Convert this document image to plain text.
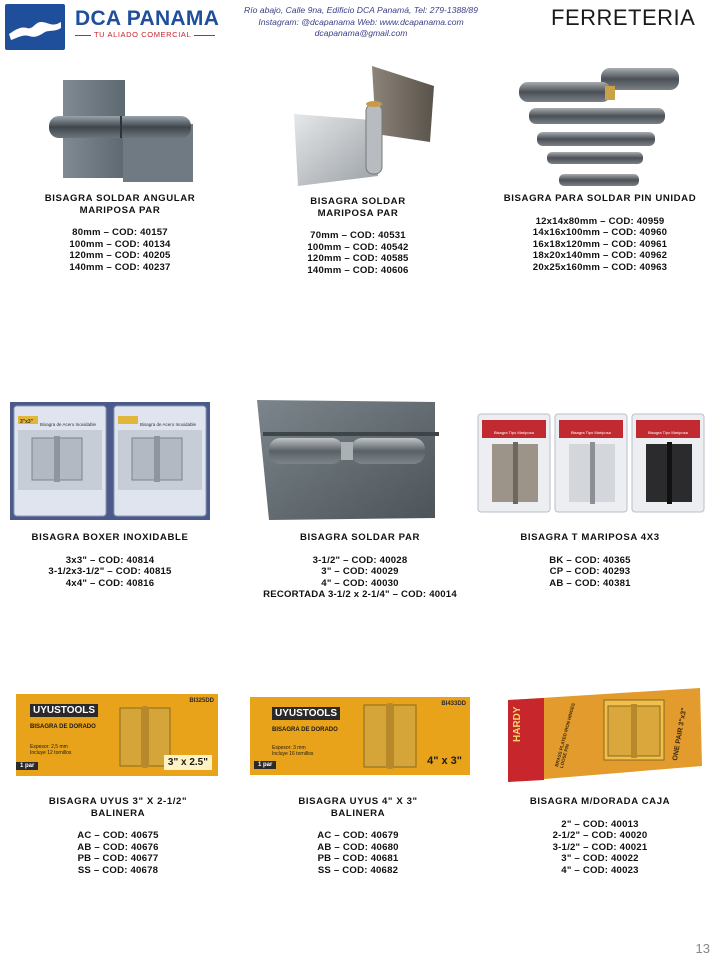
DCA PANAMA
TU ALIADO COMERCIAL
Río abajo, Calle 9na, Edificio DCA Panamá, Tel: 279-1388/89
Instagram: @dcapanama Web: www.dcapanama.com
dcapanama@gmail.com
FERRETERIA
BISAGRA SOLDAR ANGULAR
MARIPOSA PAR
80mm – COD: 40157
100mm – COD: 40134
120mm – COD: 40205
140mm – COD: 40237
BISAGRA SOLDAR
MARIPOSA PAR
70mm – COD: 40531
100mm – COD: 40542
120mm – COD: 40585
140mm – COD: 40606
BISAGRA PARA SOLDAR PIN UNIDAD
12x14x80mm – COD: 40959
14x16x100mm – COD: 40960
16x18x120mm – COD: 40961
18x20x140mm – COD: 40962
20x25x160mm – COD: 40963
Bisagra de Acero Inoxidable	Bisagra de Acero Inoxidable
3"x3"
Bisagra Tipo Mariposa	Bisagra Tipo Mariposa	Bisagra Tipo Mariposa
BISAGRA BOXER INOXIDABLE
3x3" – COD: 40814
3-1/2x3-1/2" – COD: 40815
4x4" – COD: 40816
BISAGRA SOLDAR PAR
3-1/2" – COD: 40028
3" – COD: 40029
4" – COD: 40030
RECORTADA 3-1/2 x 2-1/4" – COD: 40014
BISAGRA T MARIPOSA 4X3
BK – COD: 40365
CP – COD: 40293
AB – COD: 40381
UYUSTOOLS
BISAGRA DE DORADO
Espesor: 2,5 mm
Incluye 12 tornillos
1 par
BI325DD
3" x 2.5"
UYUSTOOLS
BISAGRA DE DORADO
Espesor: 3 mm
Incluye 16 tornillos
1 par
BI433DD
4" x 3"
HARDY	BRASS PLATED IRON HINGES LOOSE PIN	ONE PAIR 3"x3"
BISAGRA UYUS 3" X 2-1/2"
BALINERA
AC – COD: 40675
AB – COD: 40676
PB – COD: 40677
SS – COD: 40678
BISAGRA UYUS 4" X 3"
BALINERA
AC – COD: 40679
AB – COD: 40680
PB – COD: 40681
SS – COD: 40682
BISAGRA M/DORADA CAJA
2" – COD: 40013
2-1/2" – COD: 40020
3-1/2" – COD: 40021
3" – COD: 40022
4" – COD: 40023
13
